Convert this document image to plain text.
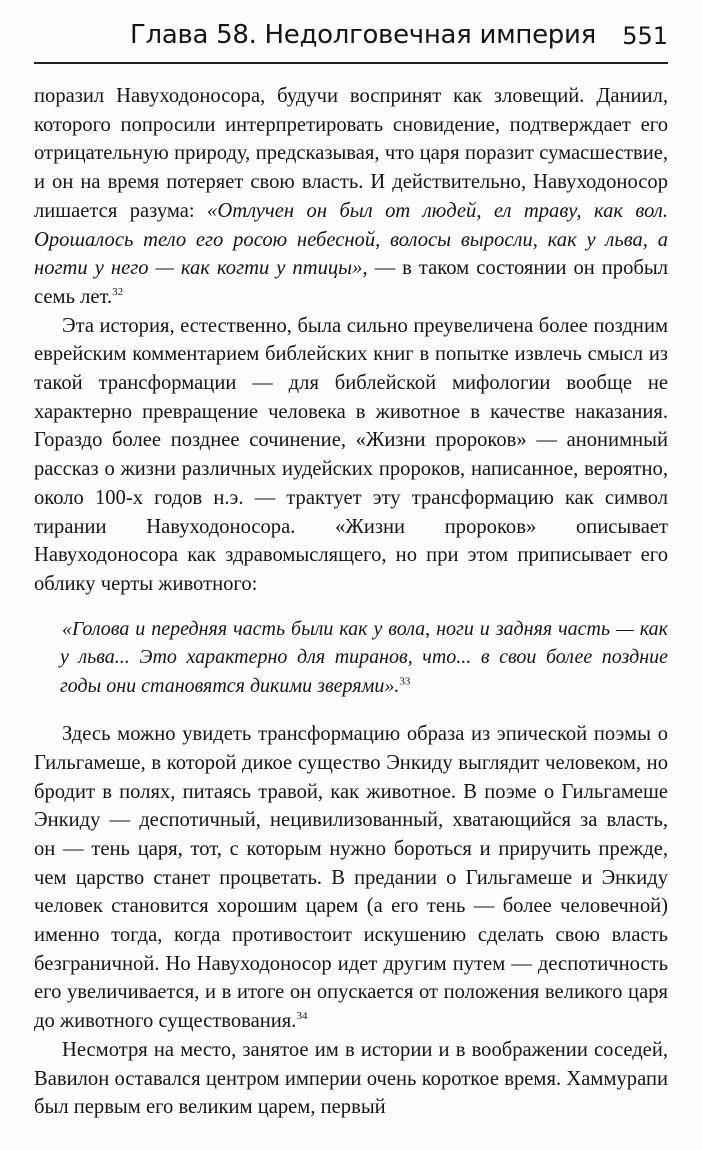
Глава 58. Недолговечная империя 551

поразил Навуходоносора, будучи воспринят как зловещий. Даниил, которого попросили интерпретировать сновидение, подтверждает его отрицательную природу, предсказывая, что царя поразит сумасшествие, и он на время потеряет свою власть. И действительно, Навуходоносор лишается разума: «Отлучен он был от людей, ел траву, как вол. Орошалось тело его росою небесной, волосы выросли, как у льва, а ногти у него — как когти у птицы», — в таком состоянии он пробыл семь лет.$^{32}$

Эта история, естественно, была сильно преувеличена более поздним еврейским комментарием библейских книг в попытке извлечь смысл из такой трансформации — для библейской мифологии вообще не характерно превращение человека в животное в качестве наказания. Гораздо более позднее сочинение, «Жизни пророков» — анонимный рассказ о жизни различных иудейских пророков, написанное, вероятно, около 100-х годов н.э. — трактует эту трансформацию как символ тирании Навуходоносора. «Жизни пророков» описывает Навуходоносора как здравомыслящего, но при этом приписывает его облику черты животного:

«Голова и передняя часть были как у вола, ноги и задняя часть — как у льва... Это характерно для тиранов, что... в свои более поздние годы они становятся дикими зверями».$^{33}$

Здесь можно увидеть трансформацию образа из эпической поэмы о Гильгамеше, в которой дикое существо Энкиду выглядит человеком, но бродит в полях, питаясь травой, как животное. В поэме о Гильгамеше Энкиду — деспотичный, нецивилизованный, хватающийся за власть, он — тень царя, тот, с которым нужно бороться и приручить прежде, чем царство станет процветать. В предании о Гильгамеше и Энкиду человек становится хорошим царем (а его тень — более человечной) именно тогда, когда противостоит искушению сделать свою власть безграничной. Но Навуходоносор идет другим путем — деспотичность его увеличивается, и в итоге он опускается от положения великого царя до животного существования.$^{34}$

Несмотря на место, занятое им в истории и в воображении соседей, Вавилон оставался центром империи очень короткое время. Хаммурапи был первым его великим царем, первый
